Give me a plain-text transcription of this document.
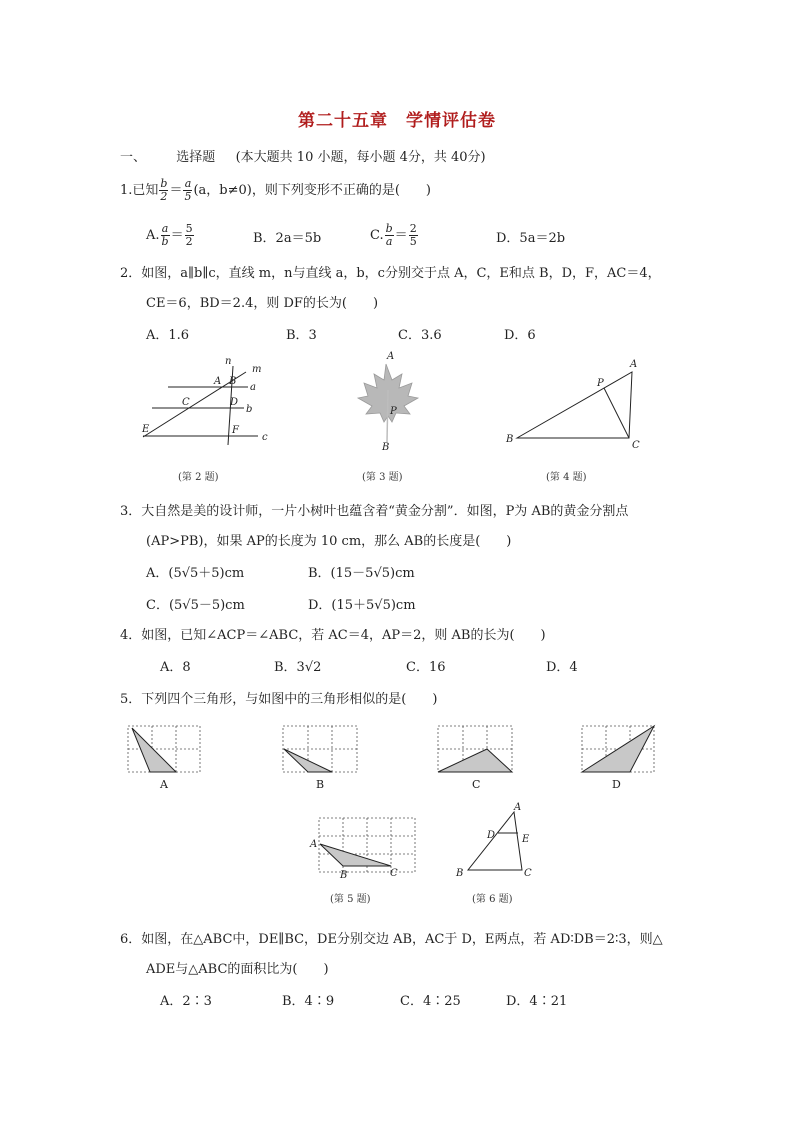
第二十五章　学情评估卷
一、 选择题 (本大题共 10 小题，每小题 4分，共 40分)
1.已知 $\frac{b}{2} = \frac{a}{5} (a$，b≠0)，则下列变形不正确的是(　　)
A. $\frac{a}{b} = \frac{5}{2}$	B．2a＝5b	C. $\frac{b}{a} = \frac{2}{5}$	D．5a＝2b
2．如图，a∥b∥c，直线 m，n与直线 a，b，c分别交于点 A，C，E和点 B，D，F，AC＝4，
CE＝6，BD＝2.4，则 DF的长为(　　)
A．1.6	B．3	C．3.6	D．6
n
m
A B
a
C	D
b
E	F
c
A
P
B
A
P
B
C
(第 2 题)	(第 3 题)	(第 4 题)
3．大自然是美的设计师，一片小树叶也蕴含着“黄金分割”．如图，P为 AB的黄金分割点
(AP>PB)，如果 AP的长度为 10 cm，那么 AB的长度是(　　)
A．(5√5＋5)cm	B．(15－5√5)cm
C．(5√5－5)cm	D．(15＋5√5)cm
4．如图，已知∠ACP＝∠ABC，若 AC＝4，AP＝2，则 AB的长为(　　)
A．8	B．3√2	C．16	D．4
5．下列四个三角形，与如图中的三角形相似的是(　　)
A	B	C	D
A
B	C
A
D	E
B	C
(第 5 题)	(第 6 题)
6．如图，在△ABC中，DE∥BC，DE分别交边 AB，AC于 D，E两点，若 AD∶DB＝2∶3，则△
ADE与△ABC的面积比为(　　)
A．2∶3	B．4∶9	C．4∶25	D．4∶21
